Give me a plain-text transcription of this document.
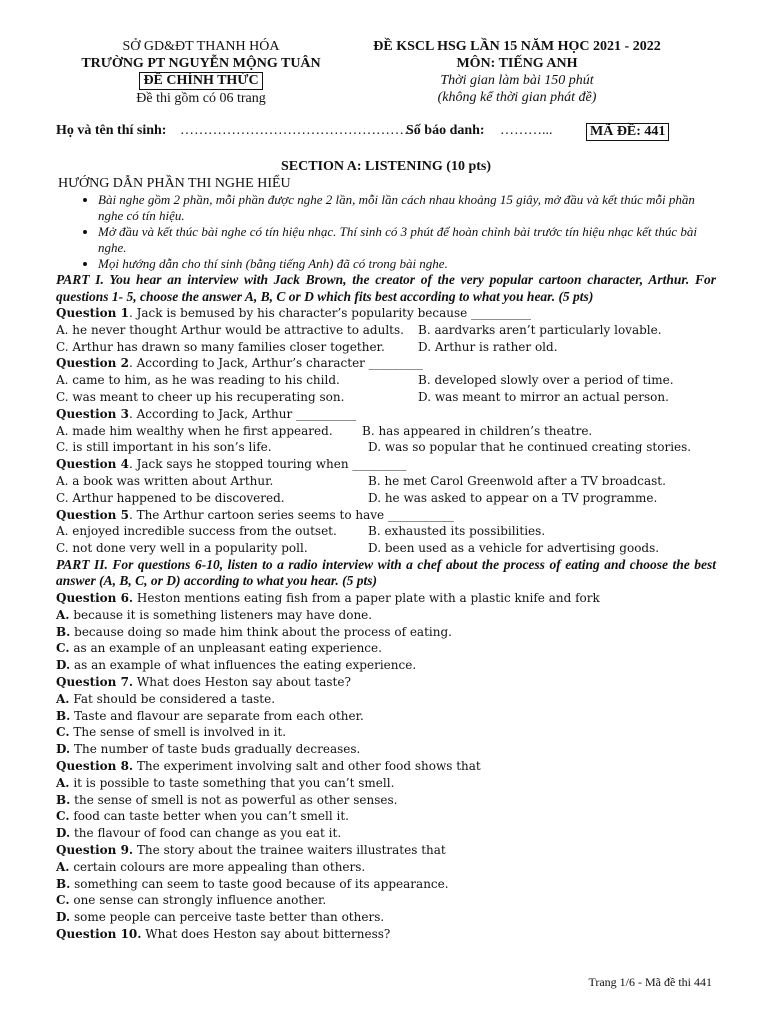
SỞ GD&ĐT THANH HÓA
TRƯỜNG PT NGUYỄN MỘNG TUÂN
ĐỀ CHÍNH THỨC
Đề thi gồm có 06 trang
ĐỀ KSCL HSG LẦN 15 NĂM HỌC 2021 - 2022
MÔN: TIẾNG ANH
Thời gian làm bài 150 phút
(không kể thời gian phát đề)
Họ và tên thí sinh: ……………………………………………
Số báo danh: ………...	MÃ ĐỀ: 441
SECTION A: LISTENING (10 pts)
HƯỚNG DẪN PHẦN THI NGHE HIỂU
• Bài nghe gồm 2 phần, mỗi phần được nghe 2 lần, mỗi lần cách nhau khoảng 15 giây, mở đầu và kết thúc mỗi phần nghe có tín hiệu.
• Mở đầu và kết thúc bài nghe có tín hiệu nhạc. Thí sinh có 3 phút để hoàn chỉnh bài trước tín hiệu nhạc kết thúc bài nghe.
• Mọi hướng dẫn cho thí sinh (bằng tiếng Anh) đã có trong bài nghe.
PART I. You hear an interview with Jack Brown, the creator of the very popular cartoon character, Arthur. For questions 1- 5, choose the answer A, B, C or D which fits best according to what you hear. (5 pts)
Question 1. Jack is bemused by his character’s popularity because __________
A. he never thought Arthur would be attractive to adults. B. aardvarks aren’t particularly lovable.
C. Arthur has drawn so many families closer together.	D. Arthur is rather old.
Question 2. According to Jack, Arthur’s character _________
A. came to him, as he was reading to his child.	B. developed slowly over a period of time.
C. was meant to cheer up his recuperating son.	D. was meant to mirror an actual person.
Question 3. According to Jack, Arthur __________
A. made him wealthy when he first appeared. B. has appeared in children’s theatre.
C. is still important in his son’s life.	D. was so popular that he continued creating stories.
Question 4. Jack says he stopped touring when _________
A. a book was written about Arthur.	B. he met Carol Greenwold after a TV broadcast.
C. Arthur happened to be discovered.	D. he was asked to appear on a TV programme.
Question 5. The Arthur cartoon series seems to have ___________
A. enjoyed incredible success from the outset.	B. exhausted its possibilities.
C. not done very well in a popularity poll.	D. been used as a vehicle for advertising goods.
PART II. For questions 6-10, listen to a radio interview with a chef about the process of eating and choose the best answer (A, B, C, or D) according to what you hear. (5 pts)
Question 6. Heston mentions eating fish from a paper plate with a plastic knife and fork
A. because it is something listeners may have done.
B. because doing so made him think about the process of eating.
C. as an example of an unpleasant eating experience.
D. as an example of what influences the eating experience.
Question 7. What does Heston say about taste?
A. Fat should be considered a taste.
B. Taste and flavour are separate from each other.
C. The sense of smell is involved in it.
D. The number of taste buds gradually decreases.
Question 8. The experiment involving salt and other food shows that
A. it is possible to taste something that you can’t smell.
B. the sense of smell is not as powerful as other senses.
C. food can taste better when you can’t smell it.
D. the flavour of food can change as you eat it.
Question 9. The story about the trainee waiters illustrates that
A. certain colours are more appealing than others.
B. something can seem to taste good because of its appearance.
C. one sense can strongly influence another.
D. some people can perceive taste better than others.
Question 10. What does Heston say about bitterness?
Trang 1/6 - Mã đề thi 441
